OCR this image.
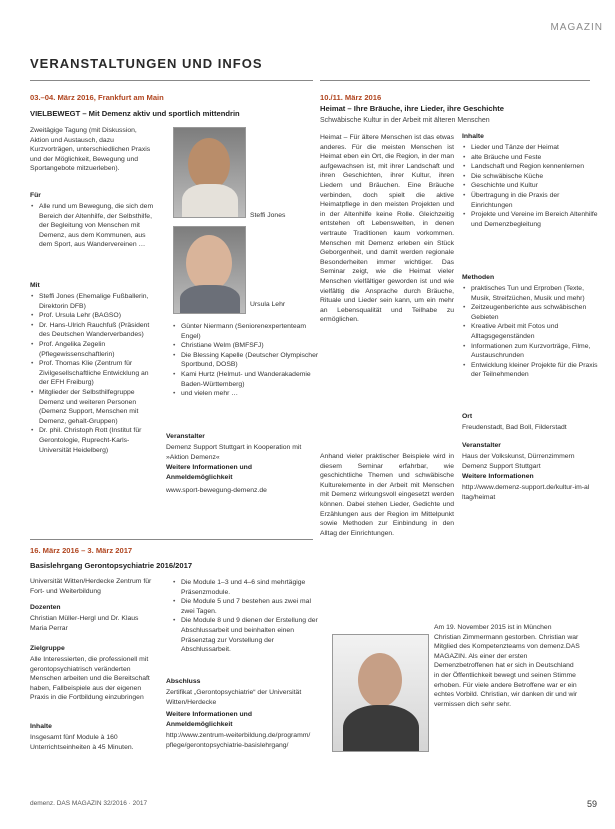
MAGAZIN
VERANSTALTUNGEN UND INFOS
03.–04. März 2016, Frankfurt am Main
VIELBEWEGT – Mit Demenz aktiv und sportlich mittendrin
Zweitägige Tagung (mit Diskussion, Aktion und Austausch, dazu Kurzvorträgen, unterschiedlichen Praxis und der Möglichkeit, Bewegung und Sportangebote mitzuerleben).
Für
• Alle rund um Bewegung, die sich dem Bereich der Altenhilfe, der Selbsthilfe, der Begleitung von Menschen mit Demenz, aus dem Kommunen, aus dem Sport, aus Wandervereinen …
Mit
• Steffi Jones (Ehemalige Fußballerin, Direktorin DFB)
• Prof. Ursula Lehr (BAGSO)
• Dr. Hans-Ulrich Rauchfuß (Präsident des Deutschen Wanderverbandes)
• Prof. Angelika Zegelin (Pflegewissenschaftlerin)
• Prof. Thomas Klie (Zentrum für Zivilgesellschaftliche Entwicklung an der EFH Freiburg)
• Mitglieder der Selbsthilfegruppe Demenz und weiteren Personen (Demenz Support, Menschen mit Demenz, gehalt-Gruppen)
• Dr. phil. Christoph Rott (Institut für Gerontologie, Ruprecht-Karls-Universität Heidelberg)
Steffi Jones
Ursula Lehr
• Günter Niermann (Seniorenexpertenteam Engel)
• Christiane Welm (BMFSFJ)
• Die Blessing Kapelle (Deutscher Olympischer Sportbund, DOSB)
• Kami Hurtz (Helmut- und Wanderakademie Baden-Württemberg)
• und vielen mehr …
Veranstalter
Demenz Support Stuttgart in Kooperation mit »Aktion Demenz«
Weitere Informationen und Anmeldemöglichkeit
www.sport-bewegung-demenz.de
10./11. März 2016
Heimat – Ihre Bräuche, ihre Lieder, ihre Geschichte
Schwäbische Kultur in der Arbeit mit älteren Menschen
Heimat – Für ältere Menschen ist das etwas anderes. Für die meisten Menschen ist Heimat eben ein Ort, die Region, in der man aufgewachsen ist, mit ihrer Landschaft und ihren Geschichten, ihrer Kultur, ihren Liedern und Bräuchen. Eine Bräuche verbinden, doch spielt die aktive Heimatpflege in den meisten Projekten und in der Altenhilfe keine Rolle. Gleichzeitig entstehen oft Lebenswelten, in denen vertraute Traditionen kaum vorkommen. Menschen mit Demenz erleben ein Stück Geborgenheit, und damit werden regionale Besonderheiten immer wichtiger. Das Seminar zeigt, wie die Heimat vieler Menschen vielfältiger geworden ist und wie vielfältig die Ansprache durch Bräuche, Rituale und Lieder sein kann, um ein mehr an Lebensqualität und Teilhabe zu ermöglichen.
Anhand vieler praktischer Beispiele wird in diesem Seminar erfahrbar, wie geschichtliche Themen und schwäbische Kulturelemente in der Arbeit mit Menschen mit Demenz wirkungsvoll eingesetzt werden können. Dabei stehen Lieder, Gedichte und Erzählungen aus der Region im Mittelpunkt sowie Methoden zur Einbindung in den Alltag der Einrichtungen.
Inhalte
• Lieder und Tänze der Heimat
• alte Bräuche und Feste
• Landschaft und Region kennenlernen
• Die schwäbische Küche
• Geschichte und Kultur
• Übertragung in die Praxis der Einrichtungen
• Projekte und Vereine im Bereich Altenhilfe und Demenzbegleitung
Methoden
• praktisches Tun und Erproben (Texte, Musik, Streifzüchen, Musik und mehr)
• Zeitzeugenberichte aus schwäbischen Gebieten
• Kreative Arbeit mit Fotos und Alltagsgegenständen
• Informationen zum Kurzvorträge, Filme, Austauschrunden
• Entwicklung kleiner Projekte für die Praxis der Teilnehmenden
Ort
Freudenstadt, Bad Boll, Filderstadt
Veranstalter
Haus der Volkskunst, Dürrenzimmern Demenz Support Stuttgart
Weitere Informationen
http://www.demenz-support.de/kultur-im-alltag/heimat
16. März 2016 – 3. März 2017
Basislehrgang Gerontopsychiatrie 2016/2017
Universität Witten/Herdecke Zentrum für Fort- und Weiterbildung
Dozenten
Christian Müller-Hergl und Dr. Klaus Maria Perrar
Zielgruppe
Alle Interessierten, die professionell mit gerontopsychiatrisch veränderten Menschen arbeiten und die Bereitschaft haben, Fallbeispiele aus der eigenen Praxis in die Fortbildung einzubringen
Inhalte
Insgesamt fünf Module à 160 Unterrichtseinheiten à 45 Minuten.
• Die Module 1–3 und 4–6 sind mehrtägige Präsenzmodule.
• Die Module 5 und 7 bestehen aus zwei mal zwei Tagen.
• Die Module 8 und 9 dienen der Erstellung der Abschlussarbeit und beinhalten einen Präsenztag zur Vorstellung der Abschlussarbeit.
Abschluss
Zertifikat „Gerontopsychiatrie“ der Universität Witten/Herdecke
Weitere Informationen und Anmeldemöglichkeit
http://www.zentrum-weiterbildung.de/programm/pflege/gerontopsychiatrie-basislehrgang/
Am 19. November 2015 ist in München Christian Zimmermann gestorben. Christian war Mitglied des Kompetenzteams von demenz.DAS MAGAZIN. Als einer der ersten Demenzbetroffenen hat er sich in Deutschland in der Öffentlichkeit bewegt und seinen Stimme erhoben. Für viele andere Betroffene war er ein echtes Vorbild. Christian, wir danken dir und wir vermissen dich sehr sehr.
demenz. DAS MAGAZIN 32/2016 · 2017	59
